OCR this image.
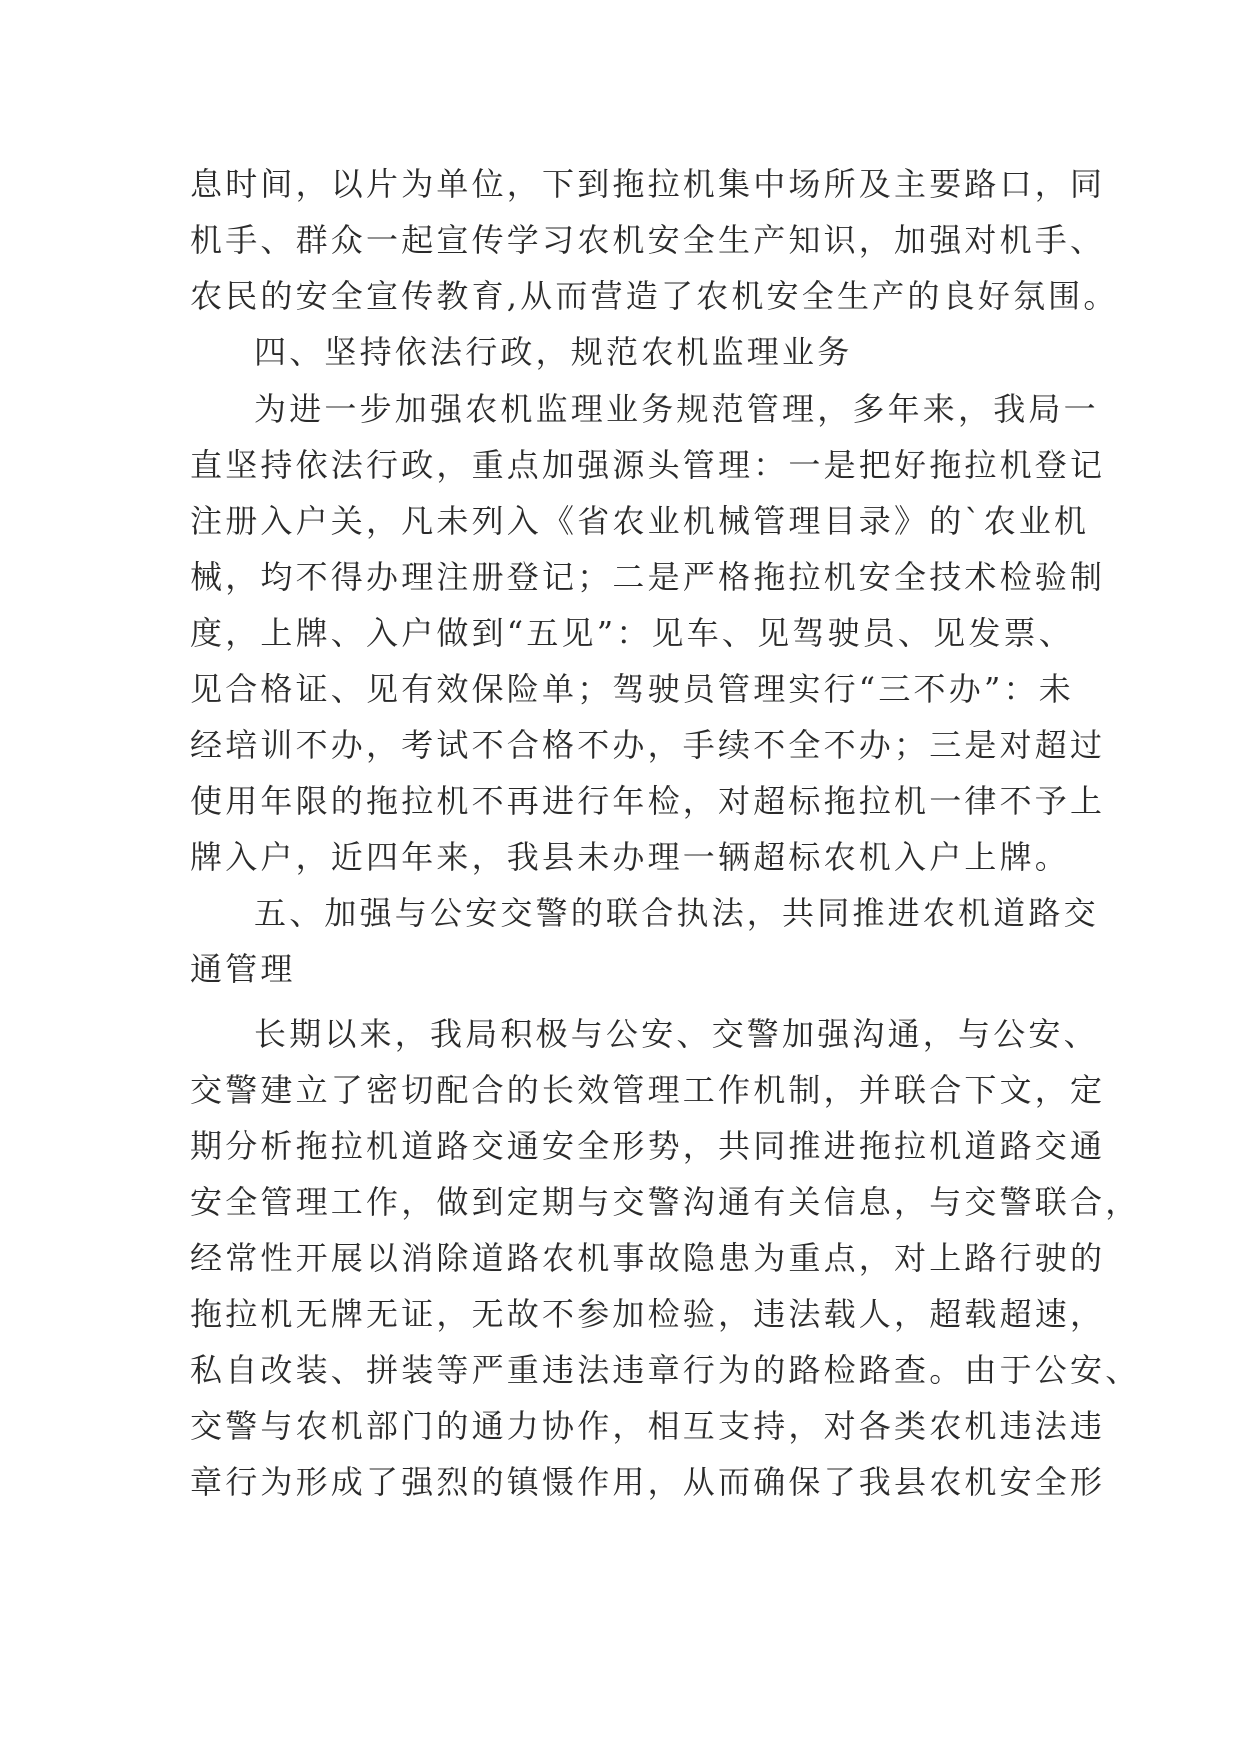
息时间，以片为单位，下到拖拉机集中场所及主要路口，同
机手、群众一起宣传学习农机安全生产知识，加强对机手、
农民的安全宣传教育,从而营造了农机安全生产的良好氛围。
四、坚持依法行政，规范农机监理业务
为进一步加强农机监理业务规范管理，多年来，我局一
直坚持依法行政，重点加强源头管理：一是把好拖拉机登记
注册入户关，凡未列入《省农业机械管理目录》的`农业机
械，均不得办理注册登记；二是严格拖拉机安全技术检验制
度，上牌、入户做到“五见”：见车、见驾驶员、见发票、
见合格证、见有效保险单；驾驶员管理实行“三不办”：未
经培训不办，考试不合格不办，手续不全不办；三是对超过
使用年限的拖拉机不再进行年检，对超标拖拉机一律不予上
牌入户，近四年来，我县未办理一辆超标农机入户上牌。
五、加强与公安交警的联合执法，共同推进农机道路交
通管理
长期以来，我局积极与公安、交警加强沟通，与公安、
交警建立了密切配合的长效管理工作机制，并联合下文，定
期分析拖拉机道路交通安全形势，共同推进拖拉机道路交通
安全管理工作，做到定期与交警沟通有关信息，与交警联合，
经常性开展以消除道路农机事故隐患为重点，对上路行驶的
拖拉机无牌无证，无故不参加检验，违法载人，超载超速，
私自改装、拼装等严重违法违章行为的路检路查。由于公安、
交警与农机部门的通力协作，相互支持，对各类农机违法违
章行为形成了强烈的镇慑作用，从而确保了我县农机安全形
